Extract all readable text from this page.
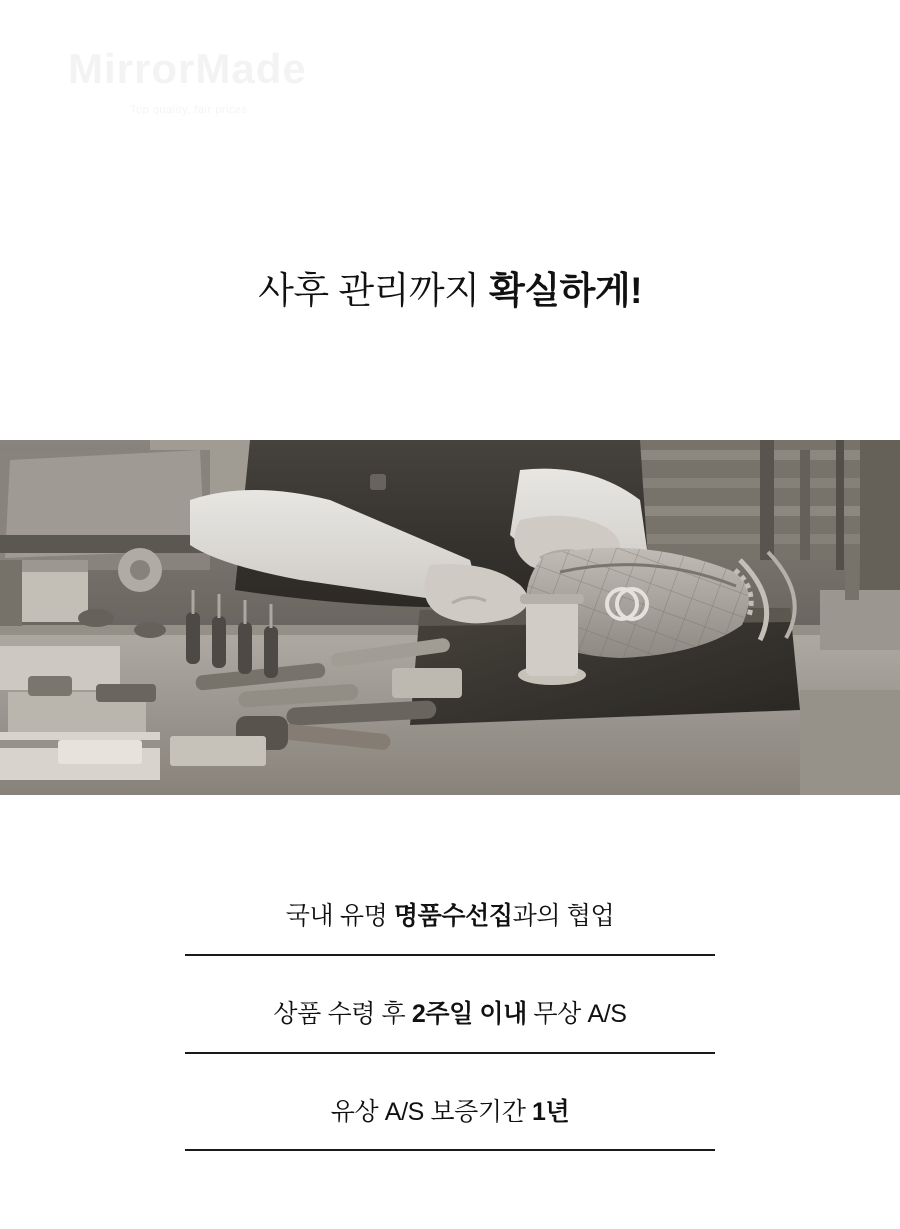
MirrorMade
Top quality, fair prices
사후 관리까지 확실하게!
국내 유명 명품수선집과의 협업
상품 수령 후 2주일 이내 무상 A/S
유상 A/S 보증기간 1년
